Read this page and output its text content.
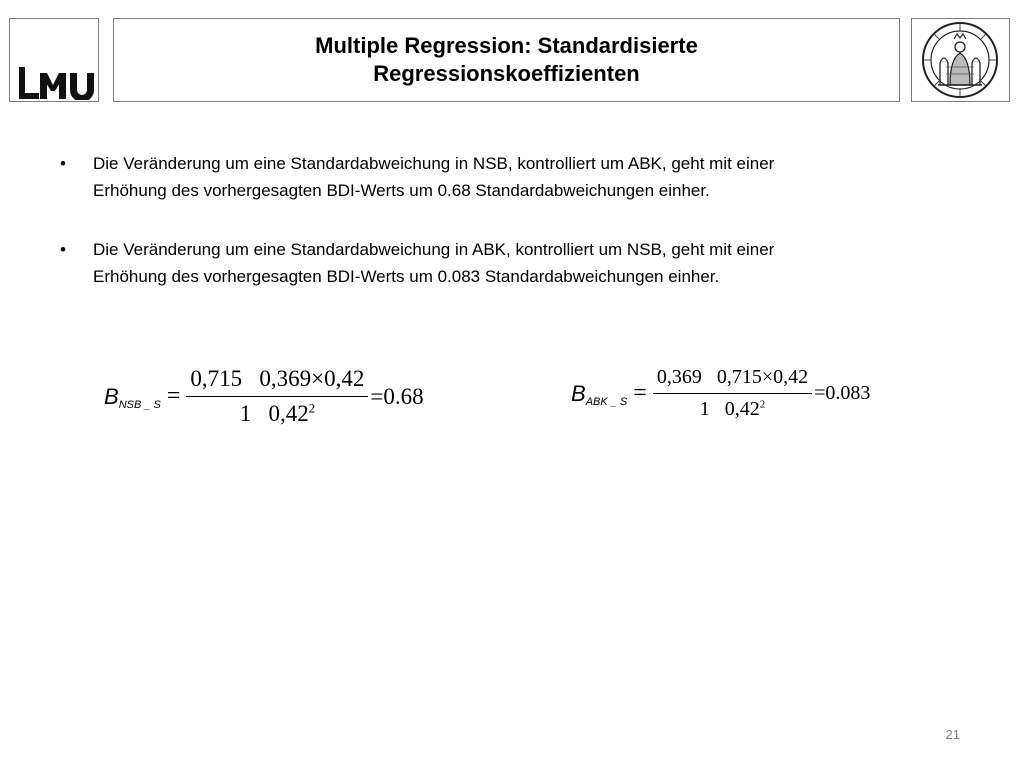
Multiple Regression: Standardisierte
Regressionskoeffizienten
• Die Veränderung um eine Standardabweichung in NSB, kontrolliert um ABK, geht mit einer
Erhöhung des vorhergesagten BDI-Werts um 0.68 Standardabweichungen einher.
• Die Veränderung um eine Standardabweichung in ABK, kontrolliert um NSB, geht mit einer
Erhöhung des vorhergesagten BDI-Werts um 0.083 Standardabweichungen einher.
$B_{NSB \_ S} = \frac{0,715 0,369\times 0,42}{1 0,42^2} =0.68$	$B_{ABK \_ S} = \frac{0,369 0,715\times 0,42}{1 0,42^2} =0.083$
21
